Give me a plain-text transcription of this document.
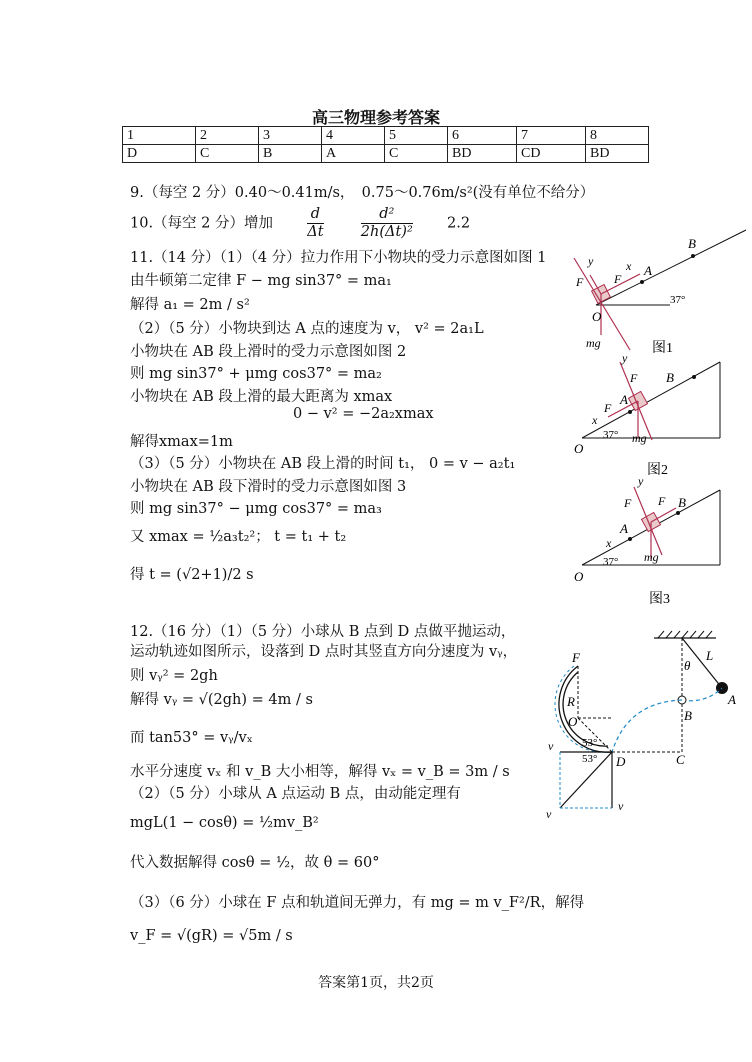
高三物理参考答案
1	2	3	4	5	6	7	8
D	C	B	A	C	BD	CD	BD
9.（每空 2 分）0.40～0.41m/s，　0.75～0.76m/s²(没有单位不给分）
10.（每空 2 分）增加 $\frac{d}{\Delta t}$
	$\frac{\text{d²}}{\text{2h(Δt)²}} 2.2$
11.（14 分）（1）（4 分）拉力作用下小物块的受力示意图如图 1
由牛顿第二定律 F − mg sin37° = ma₁
解得 a₁ = 2m / s²
（2）（5 分）小物块到达 A 点的速度为 v， v² = 2a₁L
小物块在 AB 段上滑时的受力示意图如图 2
则 mg sin37° + μmg cos37° = ma₂
小物块在 AB 段上滑的最大距离为 xmax
0 − v² = −2a₂xmax
解得xmax=1m
（3）（5 分）小物块在 AB 段上滑的时间 t₁， 0 = v − a₂t₁
小物块在 AB 段下滑时的受力示意图如图 3
则 mg sin37° − μmg cos37° = ma₃
又 xmax = ½a₃t₂²； t = t₁ + t₂
得 t = (√2+1)/2 s
12.（16 分）（1）（5 分）小球从 B 点到 D 点做平抛运动，
运动轨迹如图所示，设落到 D 点时其竖直方向分速度为 vᵧ，
则 vᵧ² = 2gh
解得 vᵧ = √(2gh) = 4m / s
而 tan53° = vᵧ/vₓ
水平分速度 vₓ 和 v_B 大小相等，解得 vₓ = v_B = 3m / s
（2）（5 分）小球从 A 点运动 B 点，由动能定理有
mgL(1 − cosθ) = ½mv_B²
代入数据解得 cosθ = ½，故 θ = 60°
（3）（6 分）小球在 F 点和轨道间无弹力，有 mg = m v_F²/R，解得
v_F = √(gR) = √5m / s
37°
B
A
x
y
F	F
O
mg	图1
37°
B
A
y
F
F
x
mg
O
图2
37°
B
A
y
F F
x
mg
O
图3
F
R
O
53°
53° D	C
B
A
L
θ
v
v
v
答案第1页，共2页
